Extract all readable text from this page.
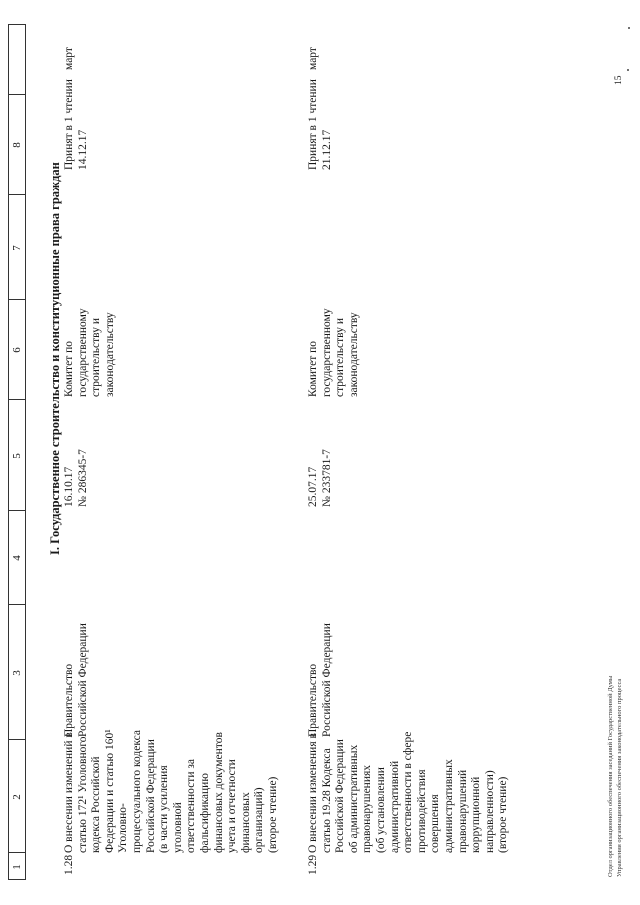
1
2
3
4
5
6
7
8
I. Государственное строительство и конституционные права граждан
1.28
О внесении изменений в статью 172¹ Уголовного кодекса Российской Федерации и статью 160¹ Уголовно- процессуального кодекса Российской Федерации (в части усиления уголовной ответственности за фальсификацию финансовых документов учета и отчетности финансовых организаций) (второе чтение)
Правительство Российской Федерации
16.10.17 № 286345-7
Комитет по государственному строительству и законодательству
Принят в 1 чтении 14.12.17
март
1.29
О внесении изменения в статью 19.28 Кодекса Российской Федерации об административных правонарушениях (об установлении административной ответственности в сфере противодействия совершения административных правонарушений коррупционной направленности) (второе чтение)
Правительство Российской Федерации
25.07.17 № 233781-7
Комитет по государственному строительству и законодательству
Принят в 1 чтении 21.12.17
март
Отдел организационного обеспечения заседаний Государственной Думы Управления организационного обеспечения законодательного процесса
15
